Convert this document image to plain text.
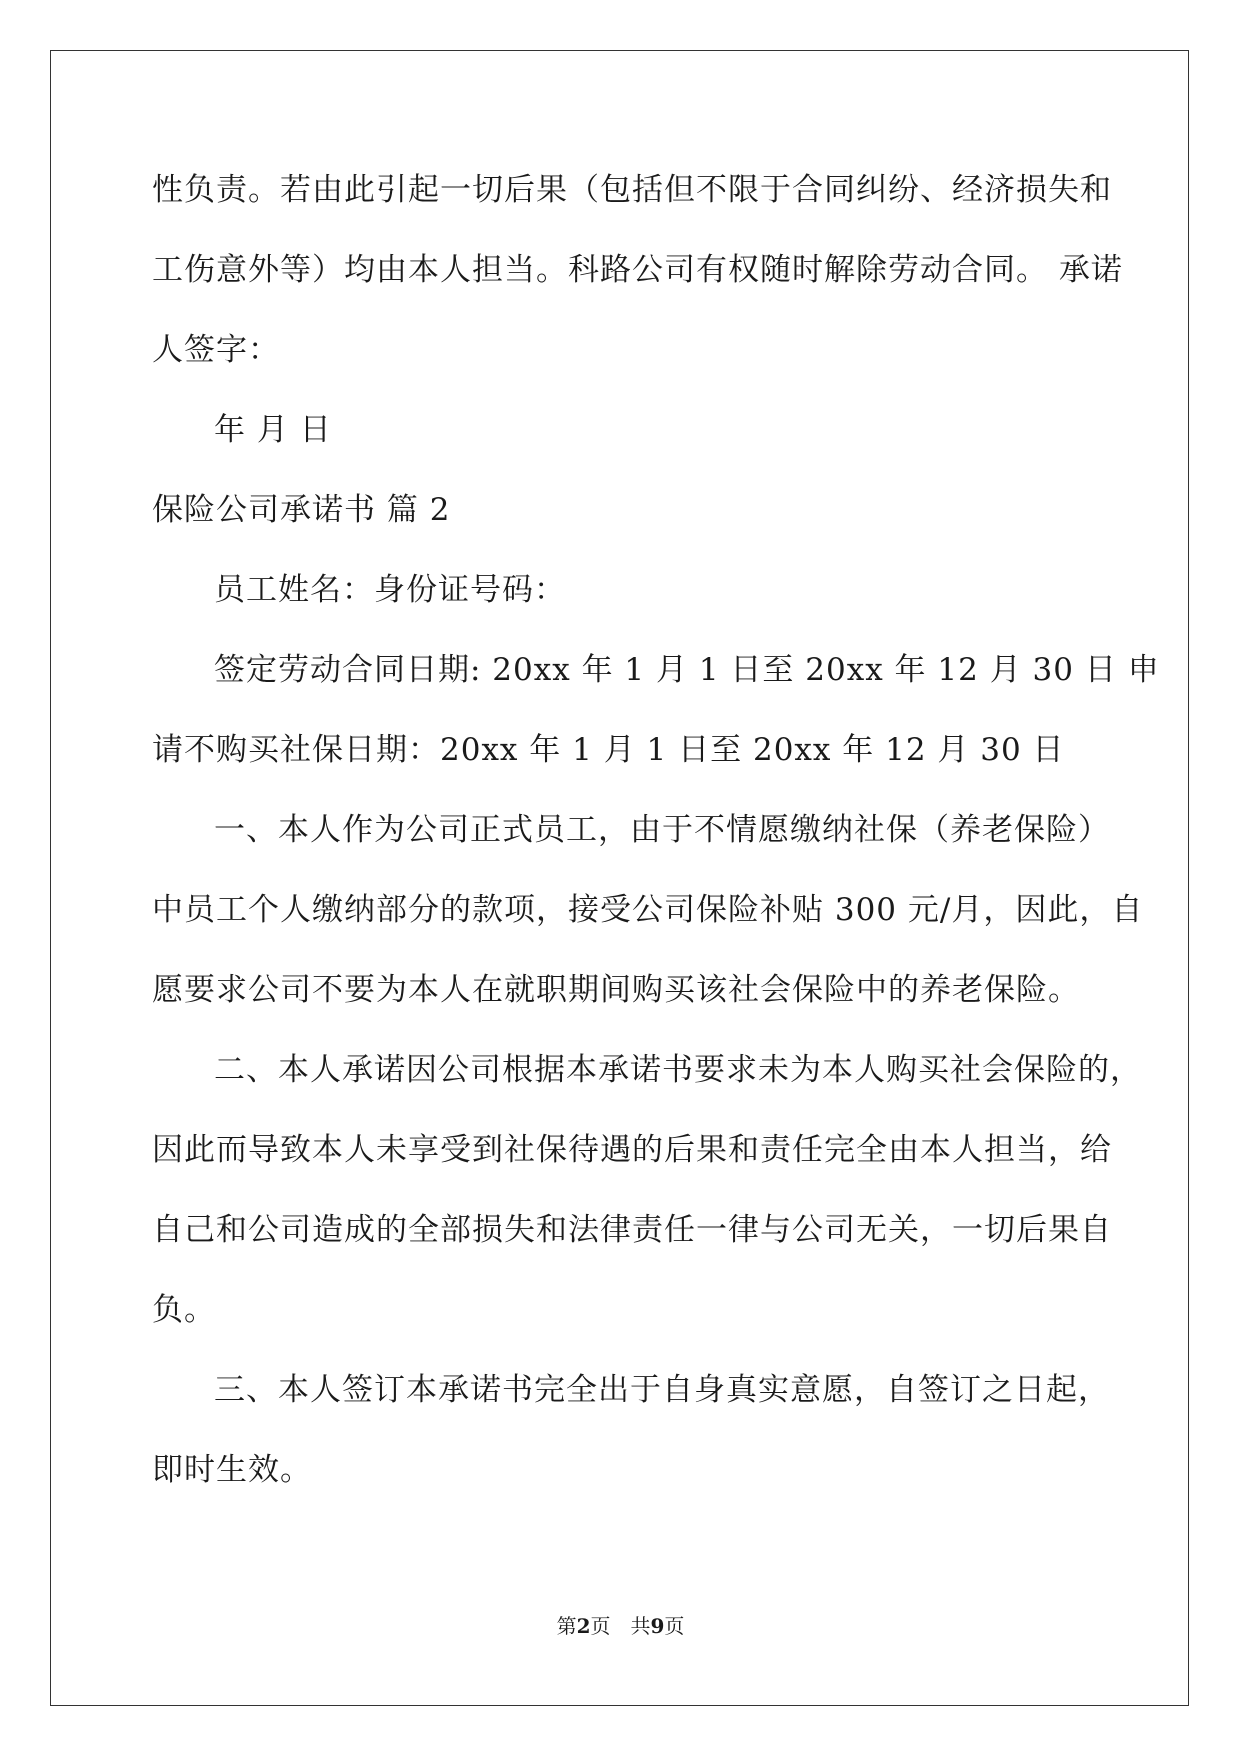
性负责。若由此引起一切后果（包括但不限于合同纠纷、经济损失和
工伤意外等）均由本人担当。科路公司有权随时解除劳动合同。 承诺
人签字：
年 月 日
保险公司承诺书 篇 2
员工姓名：身份证号码：
签定劳动合同日期: 20xx 年 1 月 1 日至 20xx 年 12 月 30 日 申
请不购买社保日期：20xx 年 1 月 1 日至 20xx 年 12 月 30 日
一、本人作为公司正式员工，由于不情愿缴纳社保（养老保险）
中员工个人缴纳部分的款项，接受公司保险补贴 300 元/月，因此，自
愿要求公司不要为本人在就职期间购买该社会保险中的养老保险。
二、本人承诺因公司根据本承诺书要求未为本人购买社会保险的，
因此而导致本人未享受到社保待遇的后果和责任完全由本人担当，给
自己和公司造成的全部损失和法律责任一律与公司无关，一切后果自
负。
三、本人签订本承诺书完全出于自身真实意愿，自签订之日起，
即时生效。
第2页　共9页
